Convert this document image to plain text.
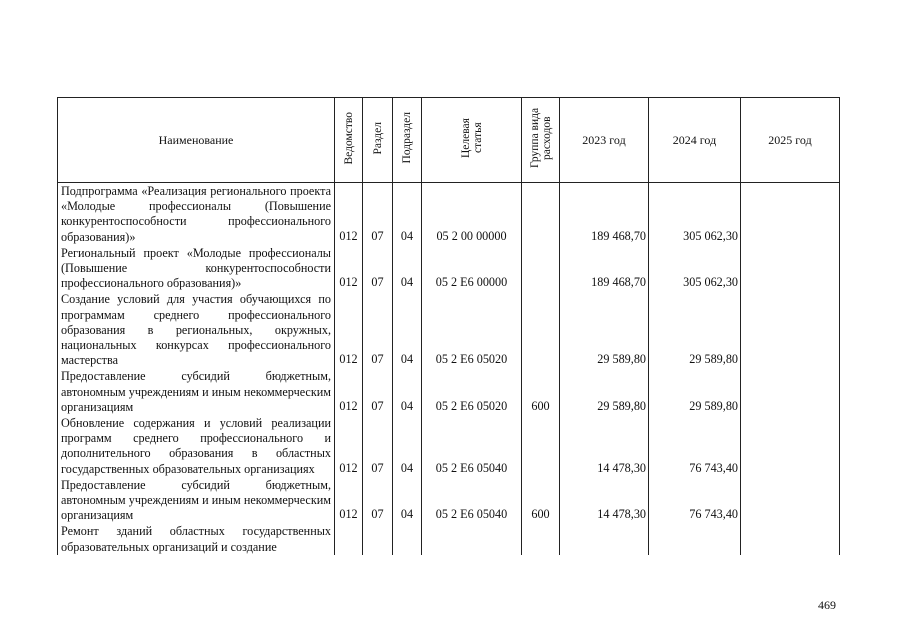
Наименование	Ведомство	Раздел	Подраздел	Целевая статья	Группа вида расходов	2023 год	2024 год	2025 год
Подпрограмма «Реализация регионального проекта «Молодые профессионалы (Повышение конкурентоспособности профессионального образования)»	012	07	04	05 2 00 00000		189 468,70	305 062,30	
Региональный проект «Молодые профессионалы (Повышение конкурентоспособности профессионального образования)»	012	07	04	05 2 Е6 00000		189 468,70	305 062,30	
Создание условий для участия обучающихся по программам среднего профессионального образования в региональных, окружных, национальных конкурсах профессионального мастерства	012	07	04	05 2 Е6 05020		29 589,80	29 589,80	
Предоставление субсидий бюджетным, автономным учреждениям и иным некоммерческим организациям	012	07	04	05 2 Е6 05020	600	29 589,80	29 589,80	
Обновление содержания и условий реализации программ среднего профессионального и дополнительного образования в областных государственных образовательных организациях	012	07	04	05 2 Е6 05040		14 478,30	76 743,40	
Предоставление субсидий бюджетным, автономным учреждениям и иным некоммерческим организациям	012	07	04	05 2 Е6 05040	600	14 478,30	76 743,40	
Ремонт зданий областных государственных образовательных организаций и создание								
469
